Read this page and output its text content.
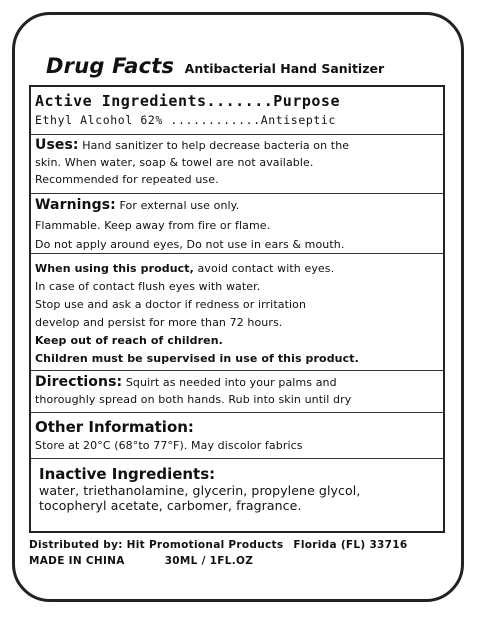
Drug Facts Antibacterial Hand Sanitizer
Active Ingredients.......Purpose
Ethyl Alcohol 62% ............Antiseptic
Uses: Hand sanitizer to help decrease bacteria on the
skin. When water, soap & towel are not available.
Recommended for repeated use.
Warnings: For external use only.
Flammable. Keep away from fire or flame.
Do not apply around eyes, Do not use in ears & mouth.
When using this product, avoid contact with eyes.
In case of contact flush eyes with water.
Stop use and ask a doctor if redness or irritation
develop and persist for more than 72 hours.
Keep out of reach of children.
Children must be supervised in use of this product.
Directions: Squirt as needed into your palms and
thoroughly spread on both hands. Rub into skin until dry
Other Information:
Store at 20°C (68°to 77°F). May discolor fabrics
Inactive Ingredients:
water, triethanolamine, glycerin, propylene glycol,
tocopheryl acetate, carbomer, fragrance.
Distributed by: Hit Promotional Products Florida (FL) 33716
MADE IN CHINA	30ML / 1FL.OZ
